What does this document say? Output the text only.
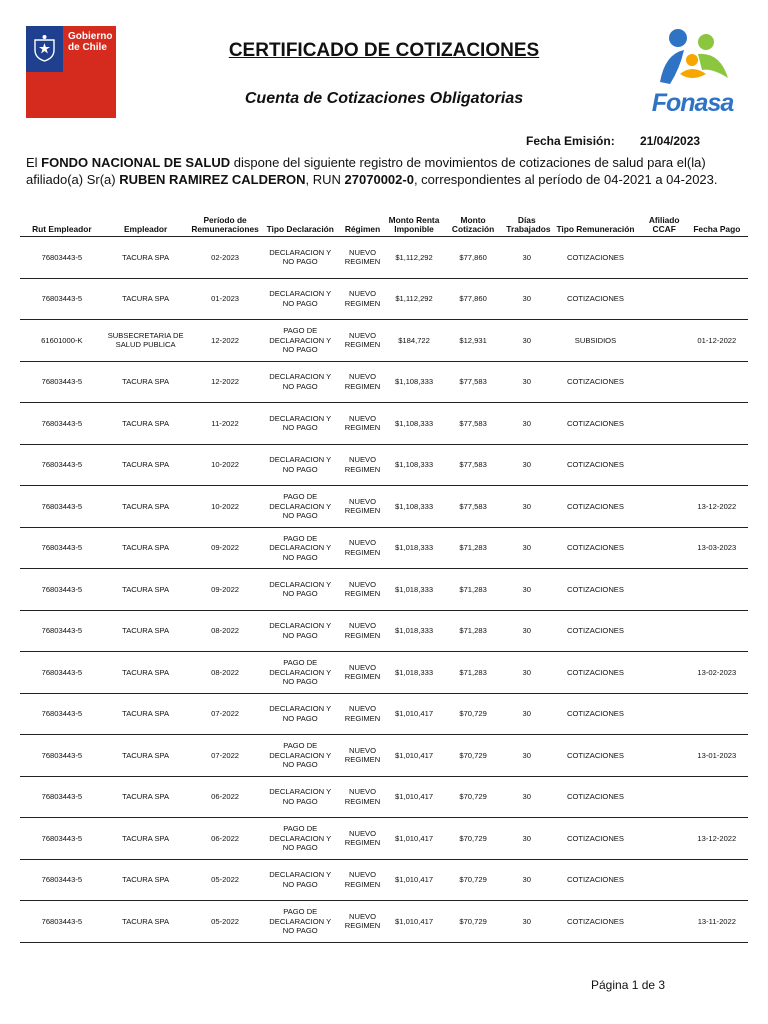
Gobierno
de Chile	CERTIFICADO DE COTIZACIONES
Cuenta de Cotizaciones Obligatorias	Fonasa
Fecha Emisión: 21/04/2023
El FONDO NACIONAL DE SALUD dispone del siguiente registro de movimientos de cotizaciones de salud para el(la) afiliado(a) Sr(a) RUBEN RAMIREZ CALDERON, RUN 27070002-0, correspondientes al período de 04-2021 a 04-2023.
Rut Empleador	Empleador	Período de Remuneraciones	Tipo Declaración	Régimen	Monto Renta Imponible	Monto Cotización	Días Trabajados	Tipo Remuneración	Afiliado CCAF	Fecha Pago
76803443-5	TACURA SPA	02-2023	DECLARACION Y NO PAGO	NUEVO REGIMEN	$1,112,292	$77,860	30	COTIZACIONES		
76803443-5	TACURA SPA	01-2023	DECLARACION Y NO PAGO	NUEVO REGIMEN	$1,112,292	$77,860	30	COTIZACIONES		
61601000-K	SUBSECRETARIA DE SALUD PUBLICA	12-2022	PAGO DE DECLARACION Y NO PAGO	NUEVO REGIMEN	$184,722	$12,931	30	SUBSIDIOS		01-12-2022
76803443-5	TACURA SPA	12-2022	DECLARACION Y NO PAGO	NUEVO REGIMEN	$1,108,333	$77,583	30	COTIZACIONES		
76803443-5	TACURA SPA	11-2022	DECLARACION Y NO PAGO	NUEVO REGIMEN	$1,108,333	$77,583	30	COTIZACIONES		
76803443-5	TACURA SPA	10-2022	DECLARACION Y NO PAGO	NUEVO REGIMEN	$1,108,333	$77,583	30	COTIZACIONES		
76803443-5	TACURA SPA	10-2022	PAGO DE DECLARACION Y NO PAGO	NUEVO REGIMEN	$1,108,333	$77,583	30	COTIZACIONES		13-12-2022
76803443-5	TACURA SPA	09-2022	PAGO DE DECLARACION Y NO PAGO	NUEVO REGIMEN	$1,018,333	$71,283	30	COTIZACIONES		13-03-2023
76803443-5	TACURA SPA	09-2022	DECLARACION Y NO PAGO	NUEVO REGIMEN	$1,018,333	$71,283	30	COTIZACIONES		
76803443-5	TACURA SPA	08-2022	DECLARACION Y NO PAGO	NUEVO REGIMEN	$1,018,333	$71,283	30	COTIZACIONES		
76803443-5	TACURA SPA	08-2022	PAGO DE DECLARACION Y NO PAGO	NUEVO REGIMEN	$1,018,333	$71,283	30	COTIZACIONES		13-02-2023
76803443-5	TACURA SPA	07-2022	DECLARACION Y NO PAGO	NUEVO REGIMEN	$1,010,417	$70,729	30	COTIZACIONES		
76803443-5	TACURA SPA	07-2022	PAGO DE DECLARACION Y NO PAGO	NUEVO REGIMEN	$1,010,417	$70,729	30	COTIZACIONES		13-01-2023
76803443-5	TACURA SPA	06-2022	DECLARACION Y NO PAGO	NUEVO REGIMEN	$1,010,417	$70,729	30	COTIZACIONES		
76803443-5	TACURA SPA	06-2022	PAGO DE DECLARACION Y NO PAGO	NUEVO REGIMEN	$1,010,417	$70,729	30	COTIZACIONES		13-12-2022
76803443-5	TACURA SPA	05-2022	DECLARACION Y NO PAGO	NUEVO REGIMEN	$1,010,417	$70,729	30	COTIZACIONES		
76803443-5	TACURA SPA	05-2022	PAGO DE DECLARACION Y NO PAGO	NUEVO REGIMEN	$1,010,417	$70,729	30	COTIZACIONES		13-11-2022
Página 1 de 3
